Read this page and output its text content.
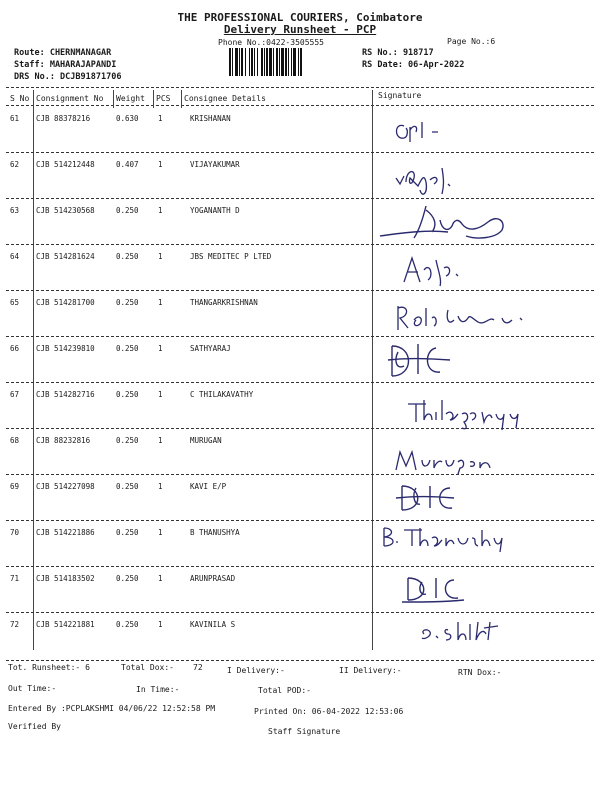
THE PROFESSIONAL COURIERS, Coimbatore
Delivery Runsheet - PCP
Phone No.:0422-3505555	Page No.:6
Route: CHERNMANAGAR
Staff: MAHARAJAPANDI
DRS No.: DCJB91871706
RS No.: 918717
RS Date: 06-Apr-2022
S No Consignment No Weight PCS Consignee Details	Signature
61 CJB 88378216	0.630	1	KRISHANAN
62 CJB 514212448	0.407	1	VIJAYAKUMAR
63 CJB 514230568	0.250	1	YOGANANTH D
64 CJB 514281624	0.250	1	JBS MEDITEC P LTED
65 CJB 514281700	0.250	1	THANGARKRISHNAN
66 CJB 514239810	0.250	1	SATHYARAJ
67 CJB 514282716	0.250	1	C THILAKAVATHY
68 CJB 88232816	0.250	1	MURUGAN
69 CJB 514227098	0.250	1	KAVI E/P
70 CJB 514221886	0.250	1	B THANUSHYA
71 CJB 514183502	0.250	1	ARUNPRASAD
72 CJB 514221881	0.250	1	KAVINILA S
Tot. Runsheet:- 6	Total Dox:- 72	I Delivery:-	II Delivery:-	RTN Dox:-
Out Time:-	In Time:-	Total POD:-
Entered By :PCPLAKSHMI 04/06/22 12:52:58 PM	Printed On: 06-04-2022 12:53:06
Verified By
Staff Signature
